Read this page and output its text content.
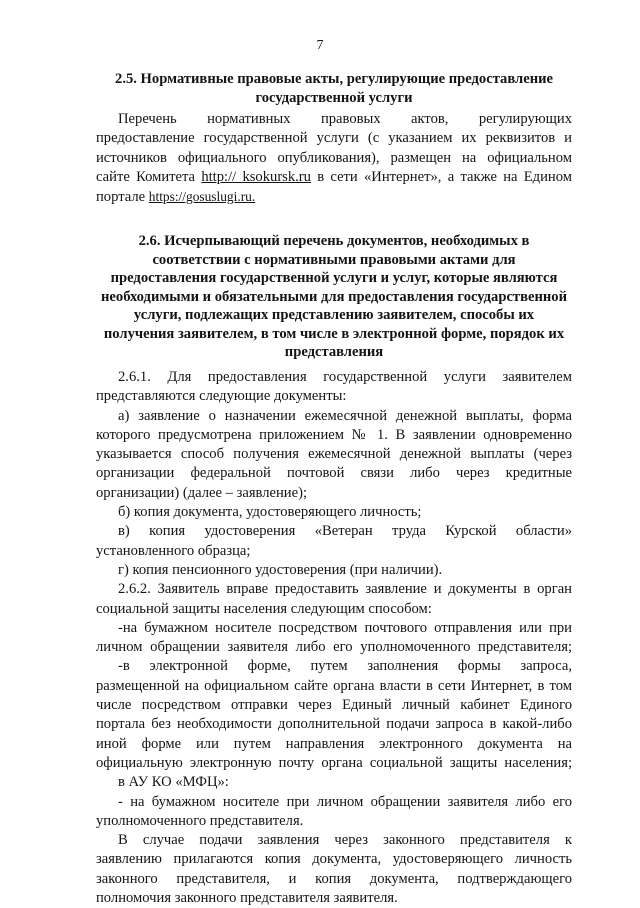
7
2.5. Нормативные правовые акты, регулирующие предоставление
государственной услуги
Перечень нормативных правовых актов, регулирующих
предоставление государственной услуги (с указанием их реквизитов и
источников официального опубликования), размещен на официальном
сайте Комитета http:// ksokursk.ru в сети «Интернет», а также на Едином
портале https://gosuslugi.ru.
2.6. Исчерпывающий перечень документов, необходимых в
соответствии с нормативными правовыми актами для
предоставления государственной услуги и услуг, которые являются
необходимыми и обязательными для предоставления государственной
услуги, подлежащих представлению заявителем, способы их
получения заявителем, в том числе в электронной форме, порядок их
представления
2.6.1. Для предоставления государственной услуги заявителем
представляются следующие документы:
а) заявление о назначении ежемесячной денежной выплаты, форма
которого предусмотрена приложением № 1. В заявлении одновременно
указывается способ получения ежемесячной денежной выплаты (через
организации федеральной почтовой связи либо через кредитные
организации) (далее – заявление);
б) копия документа, удостоверяющего личность;
в) копия удостоверения «Ветеран труда Курской области»
установленного образца;
г) копия пенсионного удостоверения (при наличии).
2.6.2. Заявитель вправе предоставить заявление и документы в орган
социальной защиты населения следующим способом:
-на бумажном носителе посредством почтового отправления или при
личном обращении заявителя либо его уполномоченного представителя;
-в электронной форме, путем заполнения формы запроса,
размещенной на официальном сайте органа власти в сети Интернет, в том
числе посредством отправки через Единый личный кабинет Единого
портала без необходимости дополнительной подачи запроса в какой-либо
иной форме или путем направления электронного документа на
официальную электронную почту органа социальной защиты населения;
в АУ КО «МФЦ»:
- на бумажном носителе при личном обращении заявителя либо его
уполномоченного представителя.
В случае подачи заявления через законного представителя к
заявлению прилагаются копия документа, удостоверяющего личность
законного представителя, и копия документа, подтверждающего
полномочия законного представителя заявителя.
